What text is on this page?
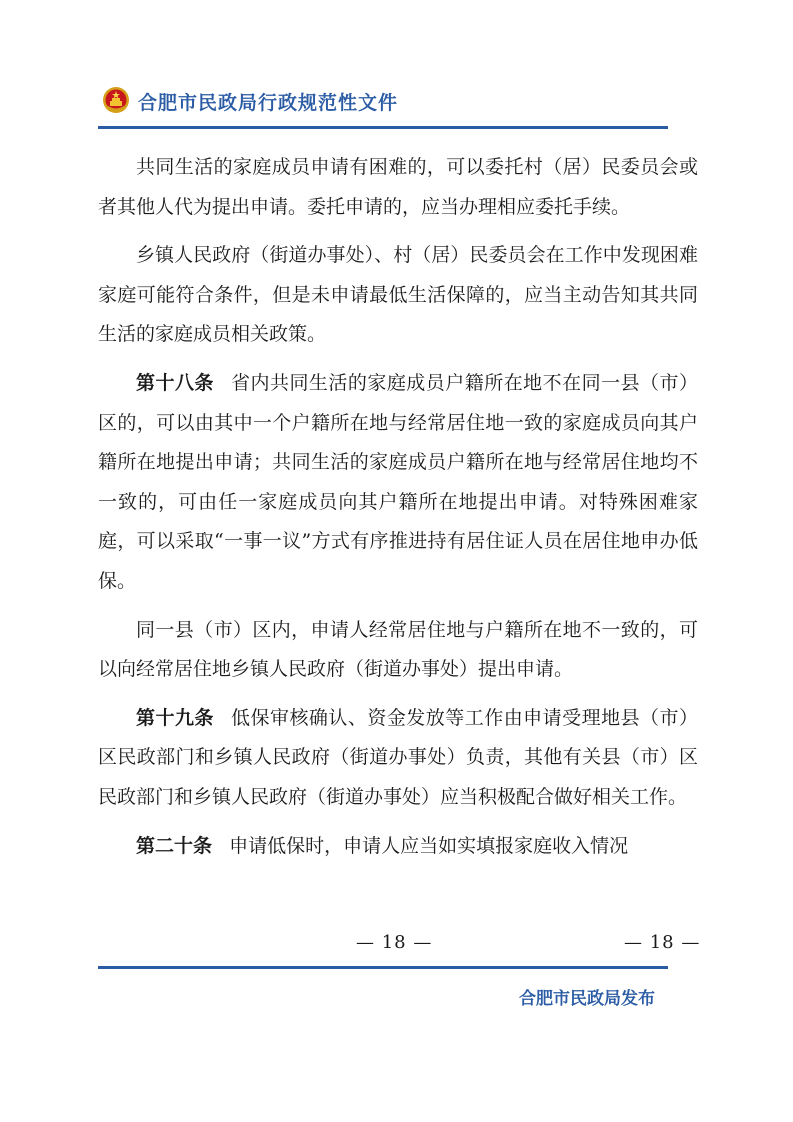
合肥市民政局行政规范性文件

共同生活的家庭成员申请有困难的，可以委托村（居）民委员会或者其他人代为提出申请。委托申请的，应当办理相应委托手续。

乡镇人民政府（街道办事处）、村（居）民委员会在工作中发现困难家庭可能符合条件，但是未申请最低生活保障的，应当主动告知其共同生活的家庭成员相关政策。

第十八条 省内共同生活的家庭成员户籍所在地不在同一县（市）区的，可以由其中一个户籍所在地与经常居住地一致的家庭成员向其户籍所在地提出申请；共同生活的家庭成员户籍所在地与经常居住地均不一致的，可由任一家庭成员向其户籍所在地提出申请。对特殊困难家庭，可以采取“一事一议”方式有序推进持有居住证人员在居住地申办低保。

同一县（市）区内，申请人经常居住地与户籍所在地不一致的，可以向经常居住地乡镇人民政府（街道办事处）提出申请。

第十九条 低保审核确认、资金发放等工作由申请受理地县（市）区民政部门和乡镇人民政府（街道办事处）负责，其他有关县（市）区民政部门和乡镇人民政府（街道办事处）应当积极配合做好相关工作。

第二十条 申请低保时，申请人应当如实填报家庭收入情况

— 18 —	— 18 —
合肥市民政局发布
